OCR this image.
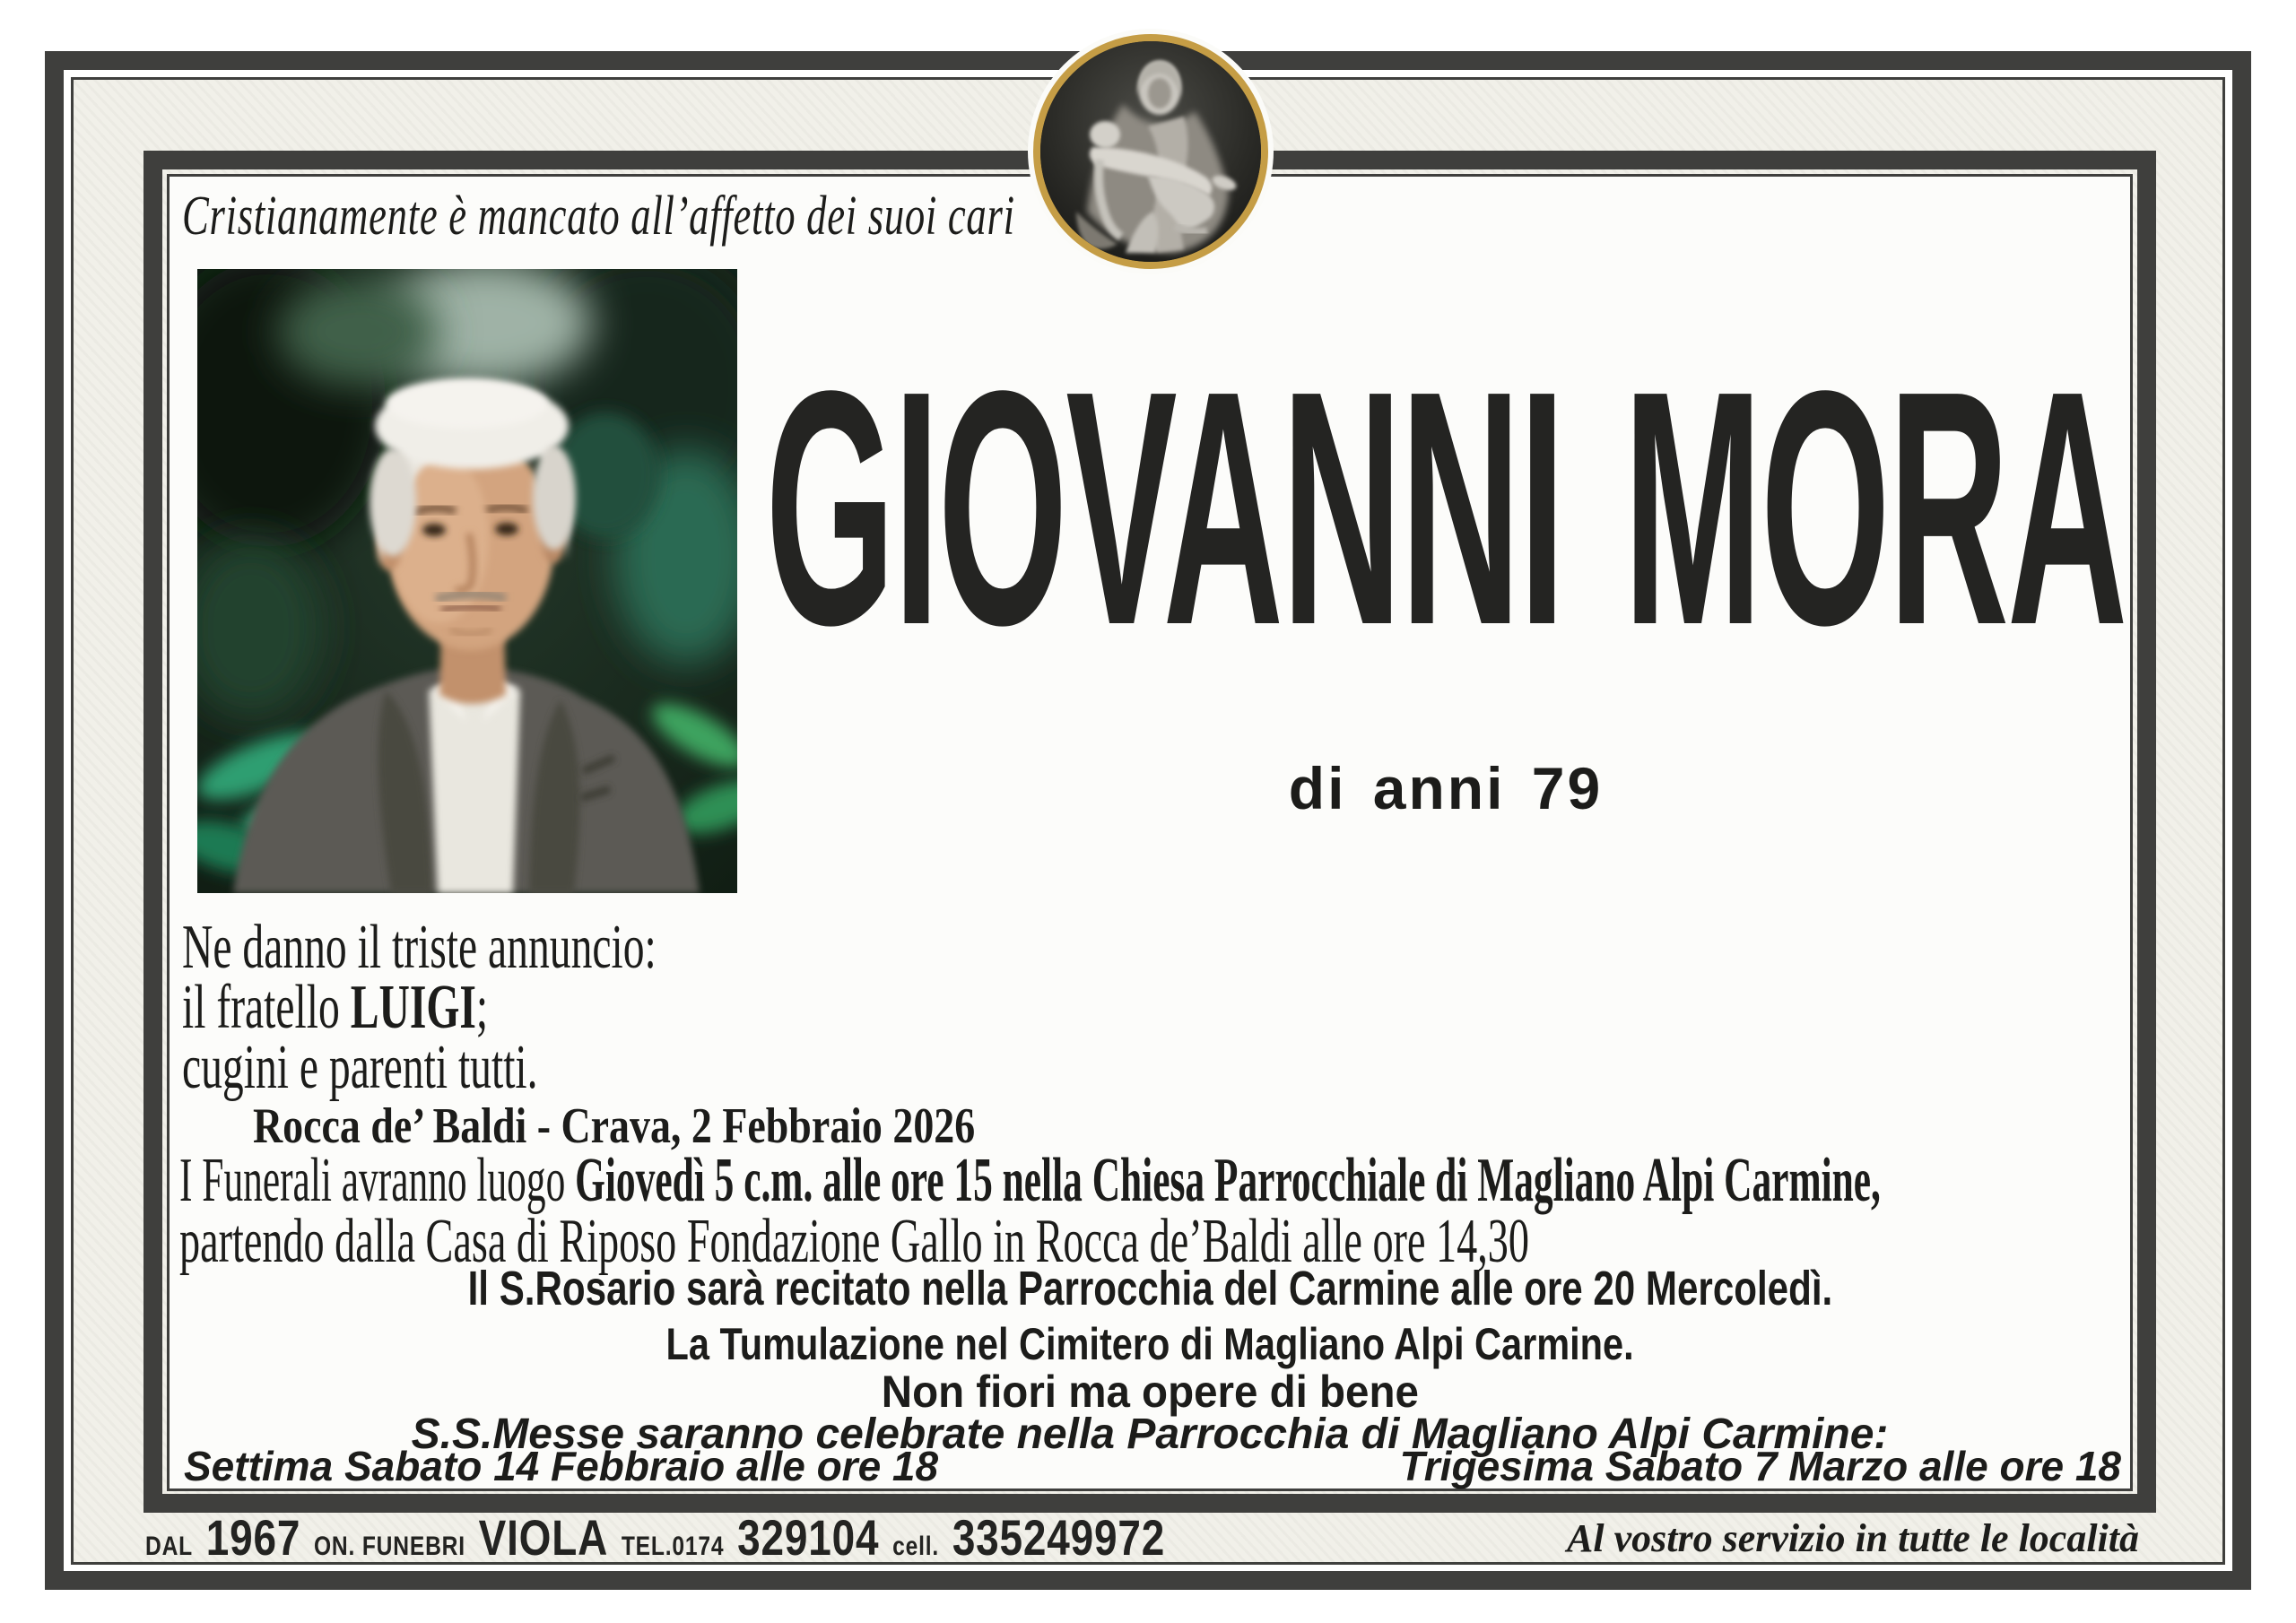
Cristianamente è mancato all’affetto dei suoi cari
GIOVANNI MORA
di anni 79
Ne danno il triste annuncio:
il fratello LUIGI;
cugini e parenti tutti.
Rocca de’ Baldi - Crava, 2 Febbraio 2026
I Funerali avranno luogo Giovedì 5 c.m. alle ore 15 nella Chiesa Parrocchiale di Magliano Alpi Carmine,
partendo dalla Casa di Riposo Fondazione Gallo in Rocca de’Baldi alle ore 14,30
Il S.Rosario sarà recitato nella Parrocchia del Carmine alle ore 20 Mercoledì.
La Tumulazione nel Cimitero di Magliano Alpi Carmine.
Non fiori ma opere di bene
S.S.Messe saranno celebrate nella Parrocchia di Magliano Alpi Carmine:
Settima Sabato 14 Febbraio alle ore 18	Trigesima Sabato 7 Marzo alle ore 18
DAL 1967 ON. FUNEBRI VIOLA TEL.0174 329104 cell. 335249972	Al vostro servizio in tutte le località
